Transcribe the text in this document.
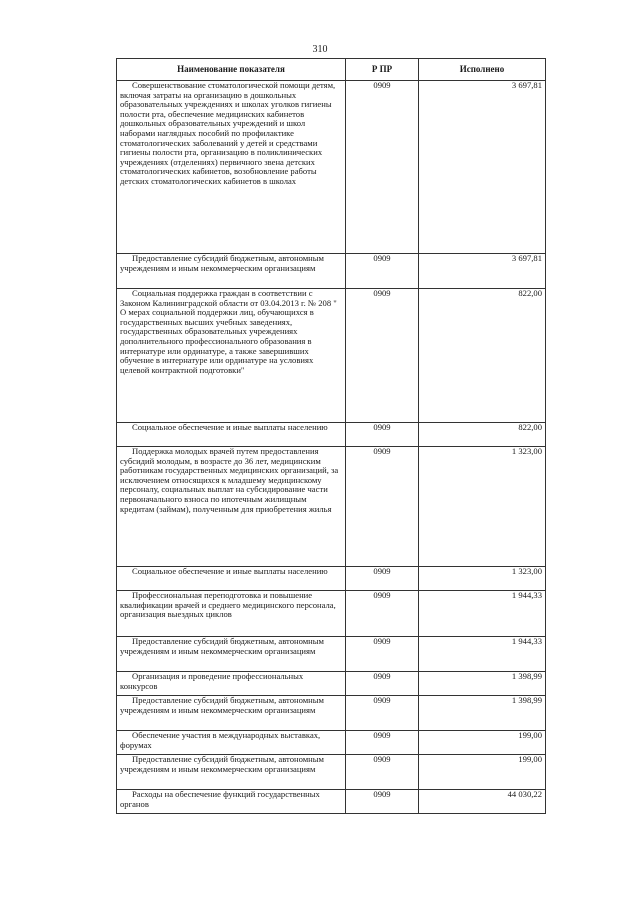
310
Наименование показателя	Р ПР	Исполнено

Совершенствование стоматологической помощи детям, включая затраты на организацию в дошкольных образовательных учреждениях и школах уголков гигиены полости рта, обеспечение медицинских кабинетов дошкольных образовательных учреждений и школ наборами наглядных пособий по профилактике стоматологических заболеваний у детей и средствами гигиены полости рта, организацию в поликлинических учреждениях (отделениях) первичного звена детских стоматологических кабинетов, возобновление работы детских стоматологических кабинетов в школах	0909	3 697,81

Предоставление субсидий бюджетным, автономным учреждениям и иным некоммерческим организациям	0909	3 697,81

Социальная поддержка граждан в соответствии с Законом Калининградской области от 03.04.2013 г. № 208 " О мерах социальной поддержки лиц, обучающихся в государственных высших учебных заведениях, государственных образовательных учреждениях дополнительного профессионального образования в интернатуре или ординатуре, а также завершивших обучение в интернатуре или ординатуре на условиях целевой контрактной подготовки"	0909	822,00

Социальное обеспечение и иные выплаты населению	0909	822,00

Поддержка молодых врачей путем предоставления субсидий молодым, в возрасте до 36 лет, медицинским работникам государственных медицинских организаций, за исключением относящихся к младшему медицинскому персоналу, социальных выплат на субсидирование части первоначального взноса по ипотечным жилищным кредитам (займам), полученным для приобретения жилья	0909	1 323,00

Социальное обеспечение и иные выплаты населению	0909	1 323,00

Профессиональная переподготовка и повышение квалификации врачей и среднего медицинского персонала, организация выездных циклов	0909	1 944,33

Предоставление субсидий бюджетным, автономным учреждениям и иным некоммерческим организациям	0909	1 944,33

Организация и проведение профессиональных конкурсов	0909	1 398,99

Предоставление субсидий бюджетным, автономным учреждениям и иным некоммерческим организациям	0909	1 398,99

Обеспечение участия в международных выставках, форумах	0909	199,00

Предоставление субсидий бюджетным, автономным учреждениям и иным некоммерческим организациям	0909	199,00

Расходы на обеспечение функций государственных органов	0909	44 030,22
